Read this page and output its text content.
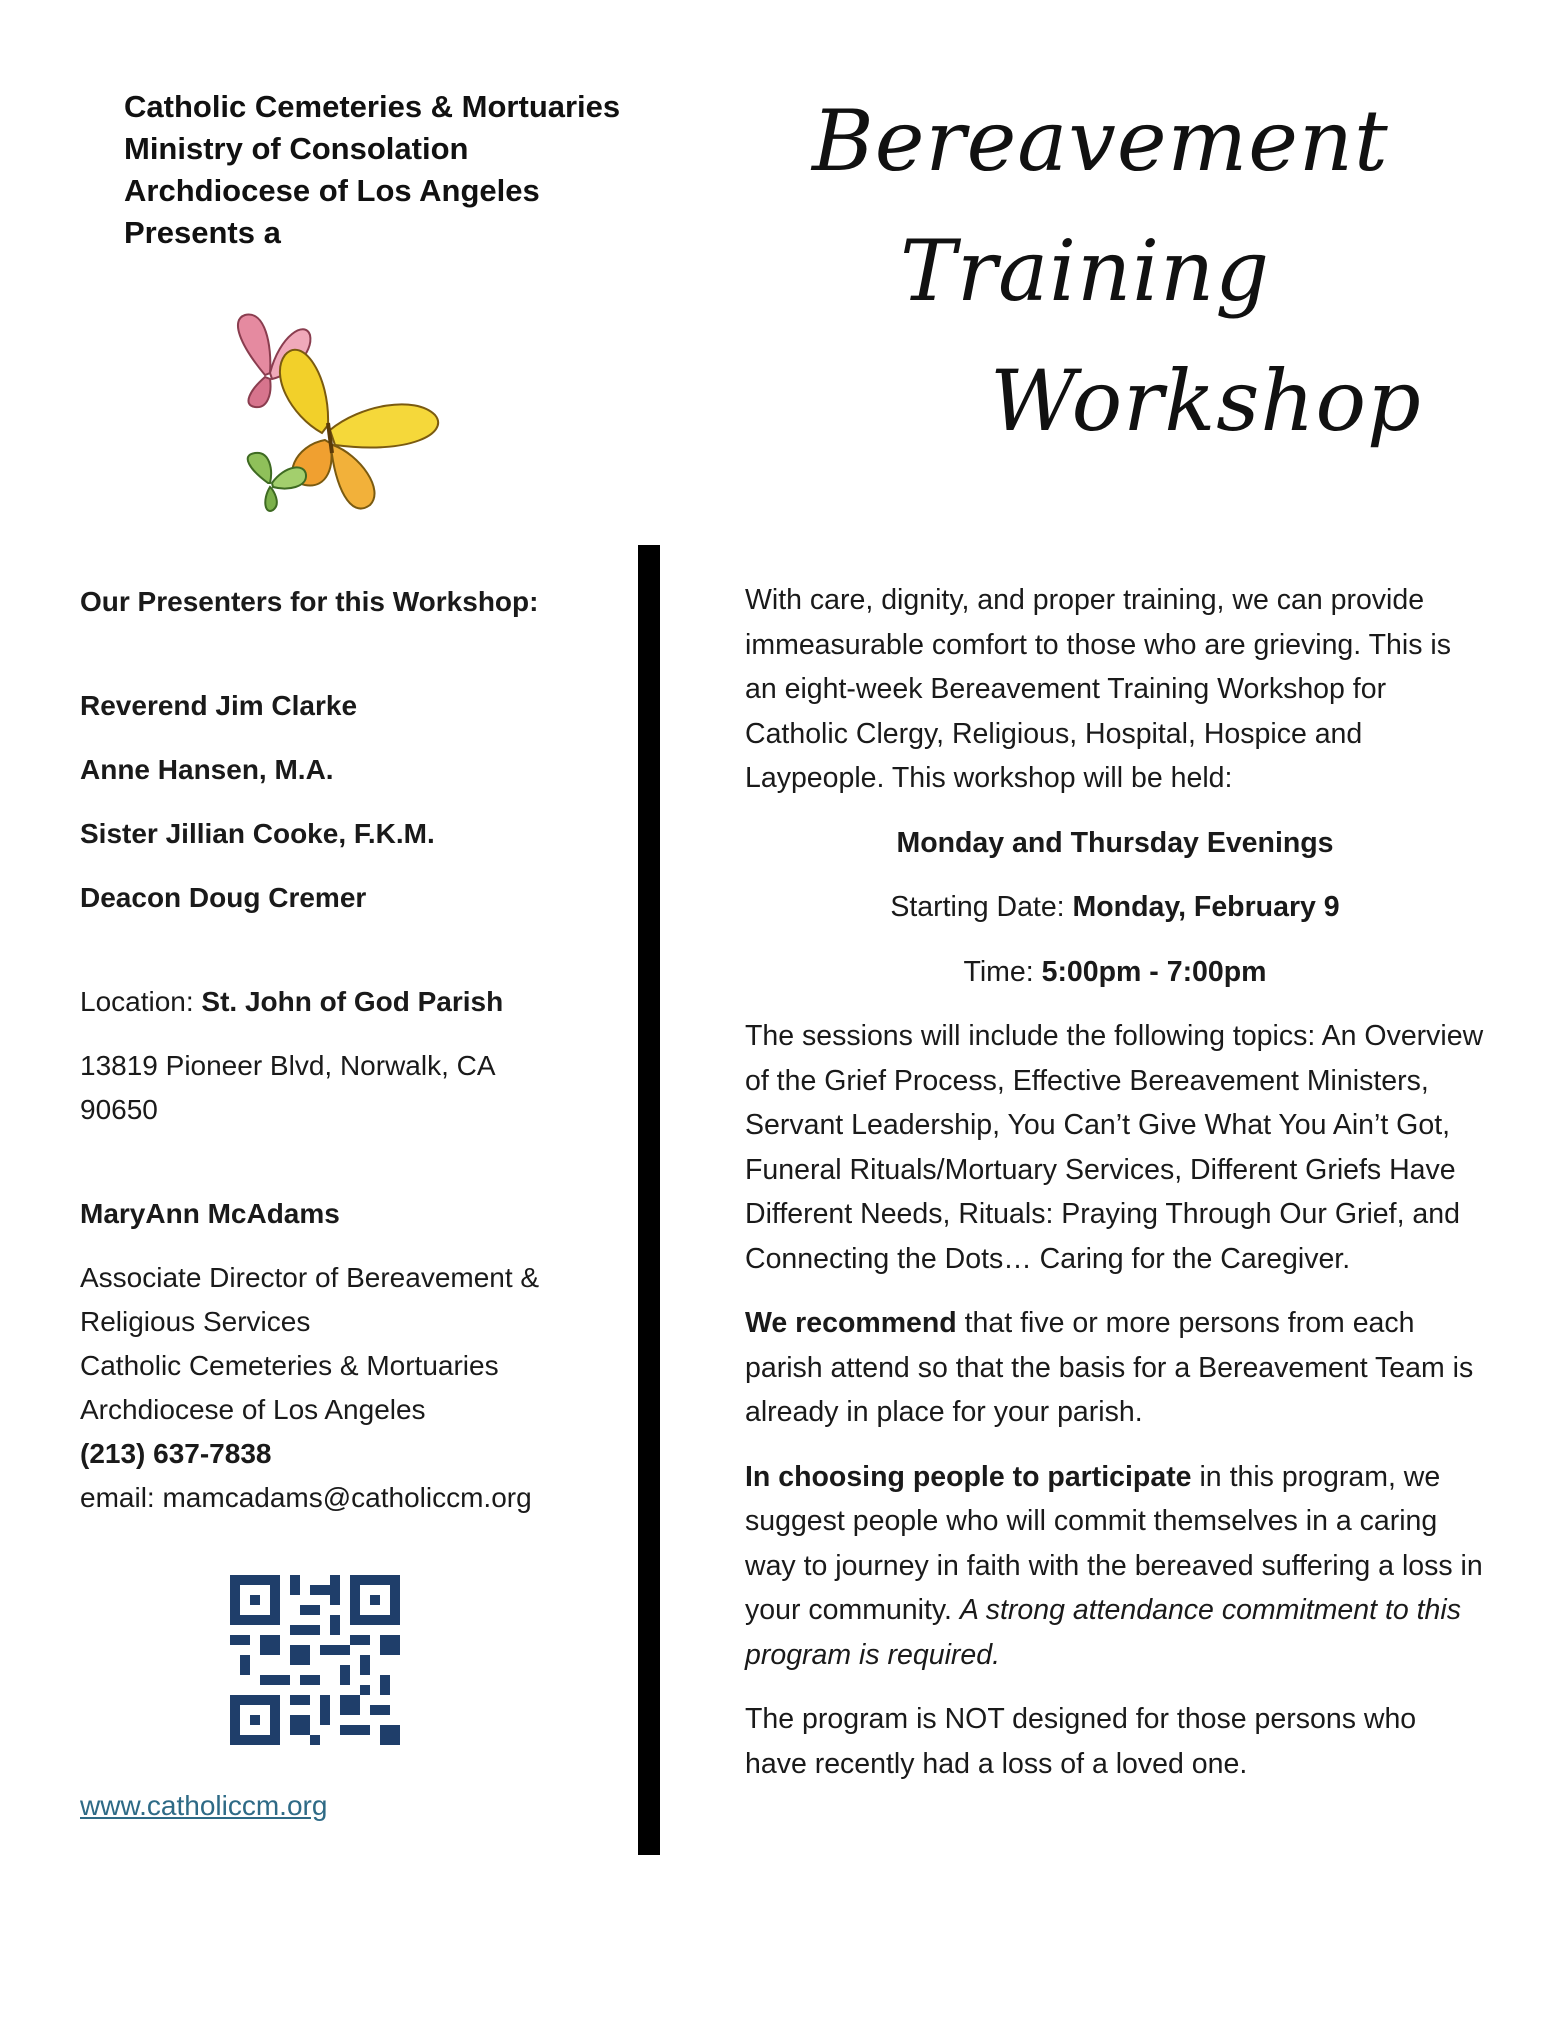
Catholic Cemeteries & Mortuaries
Ministry of Consolation
Archdiocese of Los Angeles
Presents a
Bereavement
Training
Workshop
Our Presenters for this Workshop:
Reverend Jim Clarke
Anne Hansen, M.A.
Sister Jillian Cooke, F.K.M.
Deacon Doug Cremer
Location: St. John of God Parish
13819 Pioneer Blvd, Norwalk, CA
90650
MaryAnn McAdams
Associate Director of Bereavement &
Religious Services
Catholic Cemeteries & Mortuaries
Archdiocese of Los Angeles
(213) 637-7838
email: mamcadams@catholiccm.org
www.catholiccm.org

With care, dignity, and proper training, we can provide immeasurable comfort to those who are grieving. This is an eight-week Bereavement Training Workshop for Catholic Clergy, Religious, Hospital, Hospice and Laypeople. This workshop will be held:

Monday and Thursday Evenings

Starting Date: Monday, February 9

Time: 5:00pm - 7:00pm

The sessions will include the following topics: An Overview of the Grief Process, Effective Bereavement Ministers, Servant Leadership, You Can’t Give What You Ain’t Got, Funeral Rituals/Mortuary Services, Different Griefs Have Different Needs, Rituals: Praying Through Our Grief, and Connecting the Dots… Caring for the Caregiver.

We recommend that five or more persons from each parish attend so that the basis for a Bereavement Team is already in place for your parish.

In choosing people to participate in this program, we suggest people who will commit themselves in a caring way to journey in faith with the bereaved suffering a loss in your community. A strong attendance commitment to this program is required.

The program is NOT designed for those persons who have recently had a loss of a loved one.
